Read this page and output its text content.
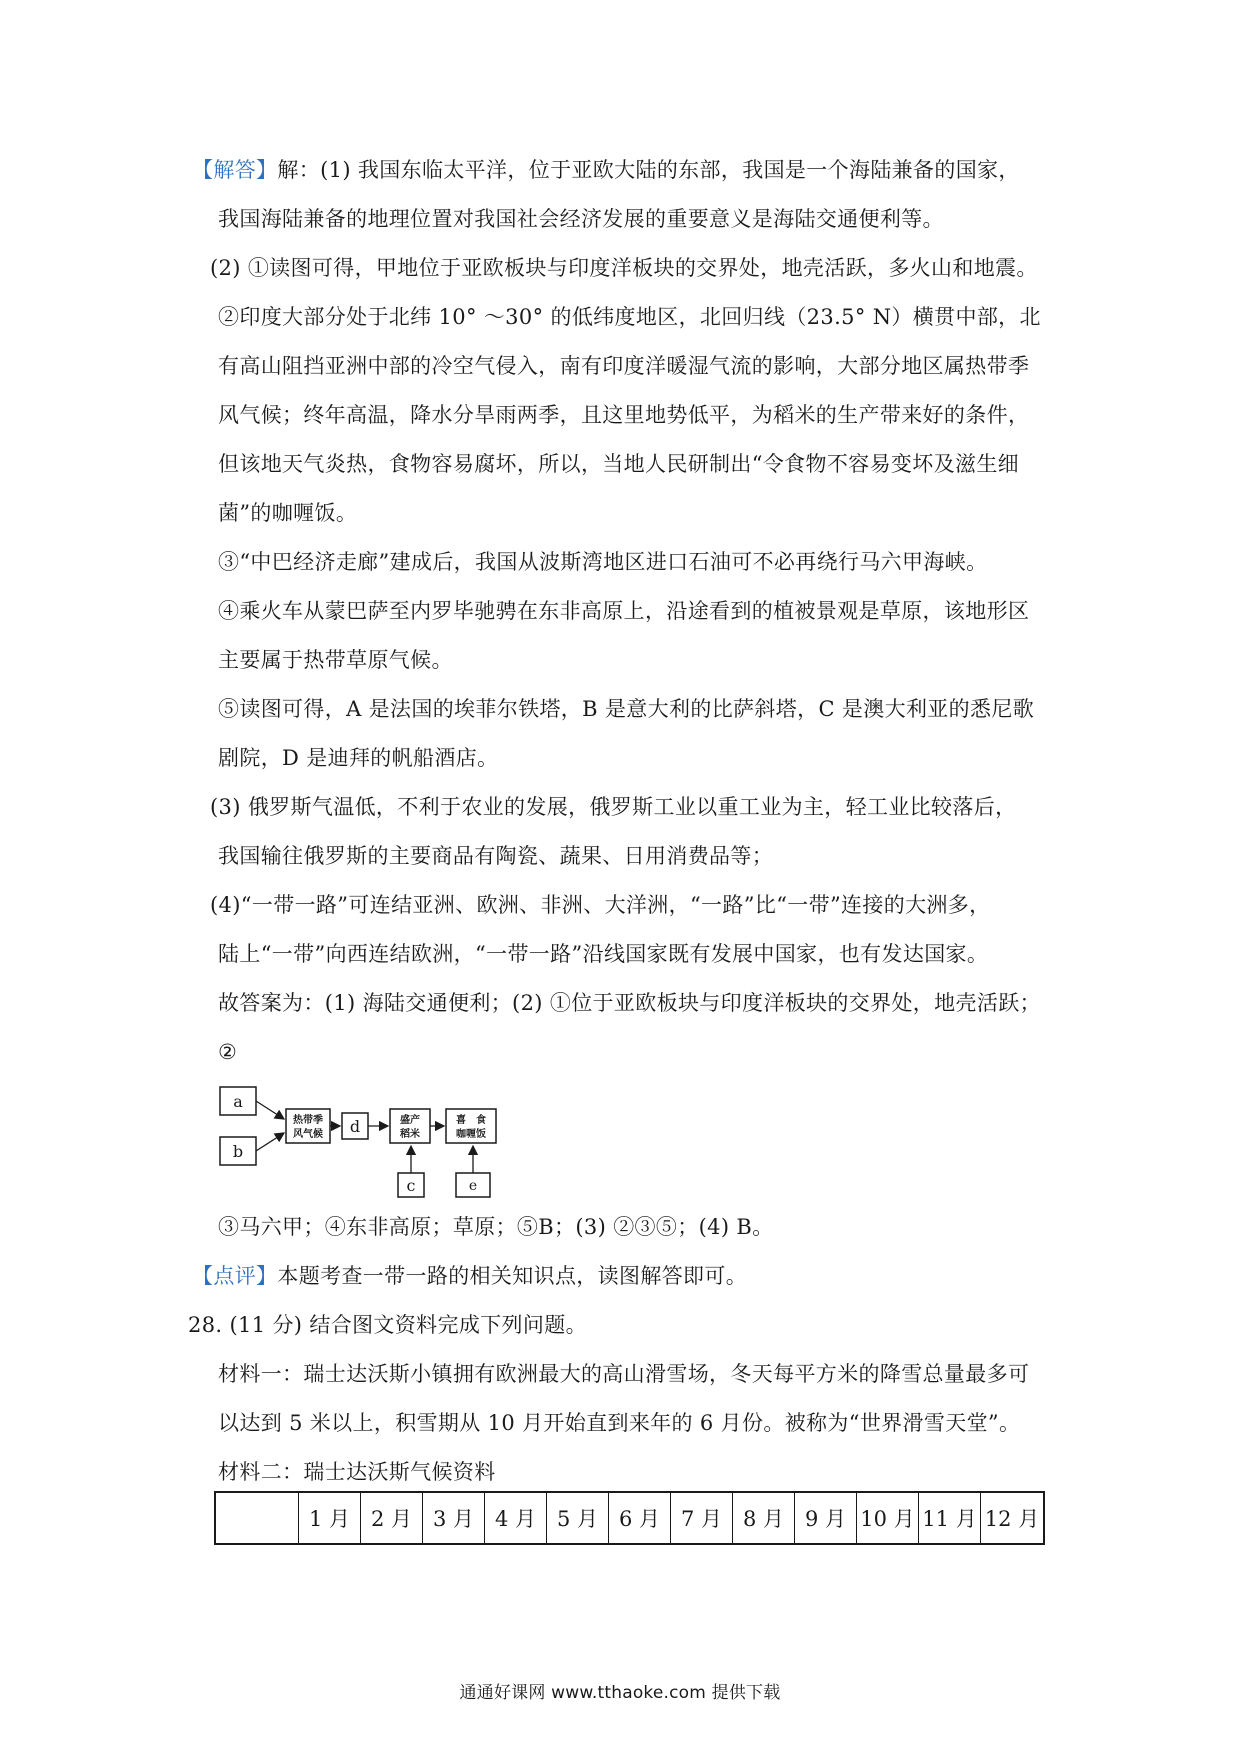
【解答】解：(1) 我国东临太平洋，位于亚欧大陆的东部，我国是一个海陆兼备的国家，
我国海陆兼备的地理位置对我国社会经济发展的重要意义是海陆交通便利等。
(2) ①读图可得，甲地位于亚欧板块与印度洋板块的交界处，地壳活跃，多火山和地震。
②印度大部分处于北纬 10° ～30° 的低纬度地区，北回归线（23.5° N）横贯中部，北
有高山阻挡亚洲中部的冷空气侵入，南有印度洋暖湿气流的影响，大部分地区属热带季
风气候；终年高温，降水分旱雨两季，且这里地势低平，为稻米的生产带来好的条件，
但该地天气炎热，食物容易腐坏，所以，当地人民研制出“令食物不容易变坏及滋生细
菌”的咖喱饭。
③“中巴经济走廊”建成后，我国从波斯湾地区进口石油可不必再绕行马六甲海峡。
④乘火车从蒙巴萨至内罗毕驰骋在东非高原上，沿途看到的植被景观是草原，该地形区
主要属于热带草原气候。
⑤读图可得，A 是法国的埃菲尔铁塔，B 是意大利的比萨斜塔，C 是澳大利亚的悉尼歌
剧院，D 是迪拜的帆船酒店。
(3) 俄罗斯气温低，不利于农业的发展，俄罗斯工业以重工业为主，轻工业比较落后，
我国输往俄罗斯的主要商品有陶瓷、蔬果、日用消费品等；
(4)“一带一路”可连结亚洲、欧洲、非洲、大洋洲，“一路”比“一带”连接的大洲多，
陆上“一带”向西连结欧洲，“一带一路”沿线国家既有发展中国家，也有发达国家。
故答案为：(1) 海陆交通便利；(2) ①位于亚欧板块与印度洋板块的交界处，地壳活跃；
②
a
b
热带季
风气候 d	盛产
稻米
喜　食
咖喱饭
c	e
③马六甲；④东非高原；草原；⑤B；(3) ②③⑤；(4) B。
【点评】本题考查一带一路的相关知识点，读图解答即可。
28. (11 分) 结合图文资料完成下列问题。
材料一：瑞士达沃斯小镇拥有欧洲最大的高山滑雪场，冬天每平方米的降雪总量最多可
以达到 5 米以上，积雪期从 10 月开始直到来年的 6 月份。被称为“世界滑雪天堂”。
材料二：瑞士达沃斯气候资料
	1 月	2 月	3 月	4 月	5 月	6 月	7 月	8 月	9 月	10 月	11 月	12 月
通通好课网 www.tthaoke.com 提供下载
